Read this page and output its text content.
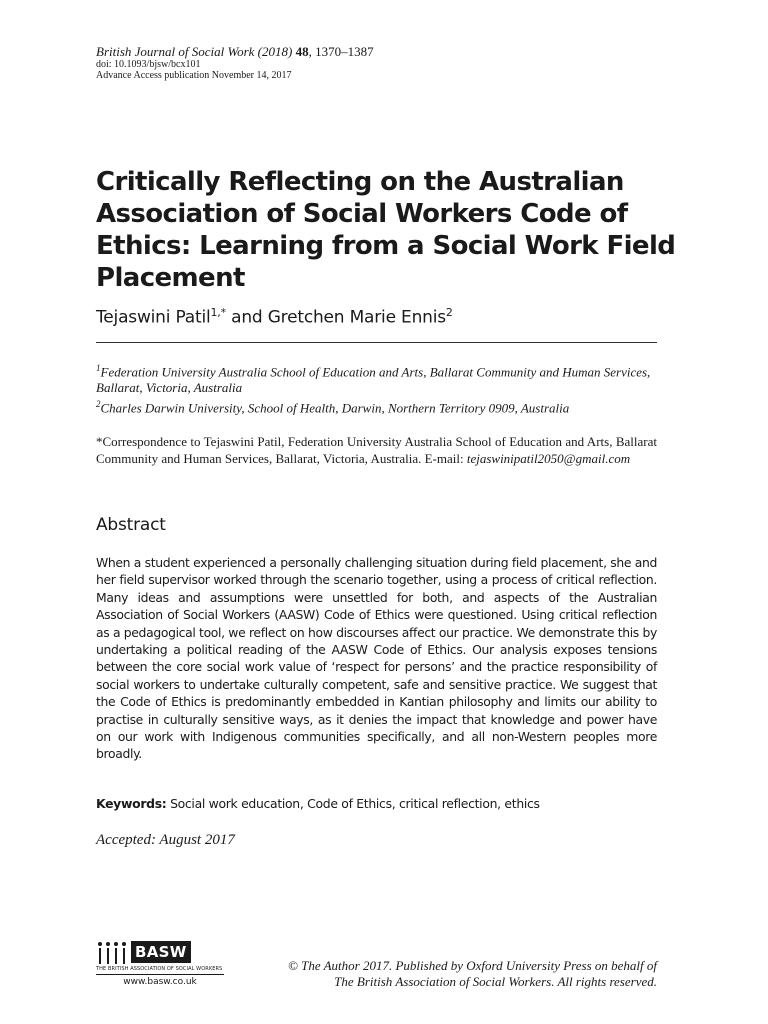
British Journal of Social Work (2018) 48, 1370–1387
doi: 10.1093/bjsw/bcx101
Advance Access publication November 14, 2017
Critically Reflecting on the Australian Association of Social Workers Code of Ethics: Learning from a Social Work Field Placement
Tejaswini Patil$^{1,*}$ and Gretchen Marie Ennis$^2$
$^1$Federation University Australia School of Education and Arts, Ballarat Community and Human Services, Ballarat, Victoria, Australia
$^2$Charles Darwin University, School of Health, Darwin, Northern Territory 0909, Australia
*Correspondence to Tejaswini Patil, Federation University Australia School of Education and Arts, Ballarat Community and Human Services, Ballarat, Victoria, Australia. E-mail: tejaswinipatil2050@gmail.com
Abstract
When a student experienced a personally challenging situation during field placement, she and her field supervisor worked through the scenario together, using a process of critical reflection. Many ideas and assumptions were unsettled for both, and aspects of the Australian Association of Social Workers (AASW) Code of Ethics were questioned. Using critical reflection as a pedagogical tool, we reflect on how discourses affect our practice. We demonstrate this by undertaking a political reading of the AASW Code of Ethics. Our analysis exposes tensions between the core social work value of ‘respect for persons’ and the practice responsibility of social workers to undertake culturally competent, safe and sensitive practice. We suggest that the Code of Ethics is predominantly embedded in Kantian philosophy and limits our ability to practise in culturally sensitive ways, as it denies the impact that knowledge and power have on our work with Indigenous communities specifically, and all non-Western peoples more broadly.
Keywords: Social work education, Code of Ethics, critical reflection, ethics
Accepted: August 2017
BASW
THE BRITISH ASSOCIATION OF SOCIAL WORKERS
www.basw.co.uk
© The Author 2017. Published by Oxford University Press on behalf of
The British Association of Social Workers. All rights reserved.
